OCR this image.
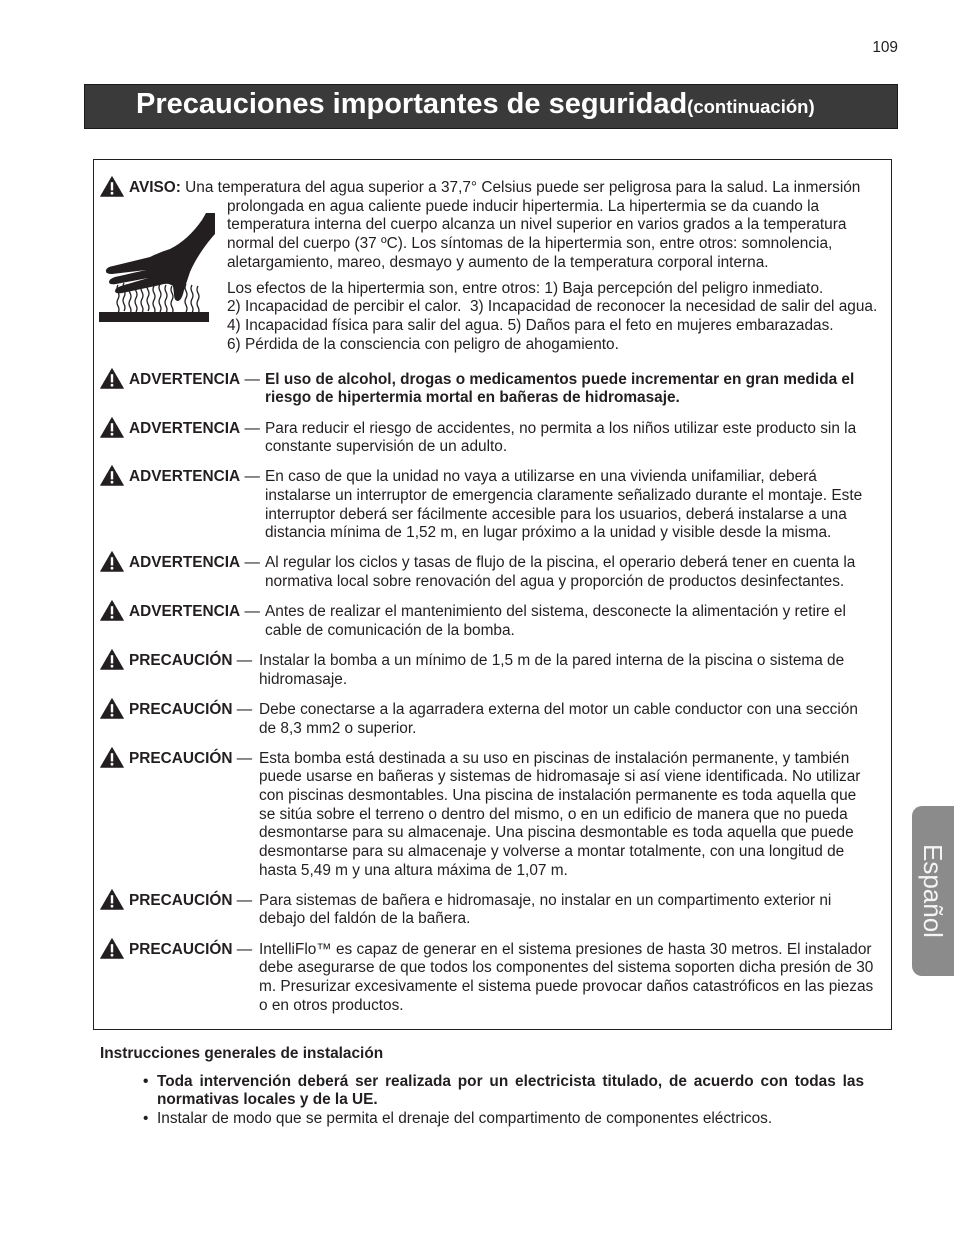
109
Precauciones importantes de seguridad(continuación)
AVISO: Una temperatura del agua superior a 37,7° Celsius puede ser peligrosa para la salud. La inmersión
prolongada en agua caliente puede inducir hipertermia. La hipertermia se da cuando la
temperatura interna del cuerpo alcanza un nivel superior en varios grados a la temperatura
normal del cuerpo (37 ºC). Los síntomas de la hipertermia son, entre otros: somnolencia,
aletargamiento, mareo, desmayo y aumento de la temperatura corporal interna.
Los efectos de la hipertermia son, entre otros: 1) Baja percepción del peligro inmediato.
2) Incapacidad de percibir el calor.  3) Incapacidad de reconocer la necesidad de salir del agua.
4) Incapacidad física para salir del agua. 5) Daños para el feto en mujeres embarazadas.
6) Pérdida de la consciencia con peligro de ahogamiento.
ADVERTENCIA — El uso de alcohol, drogas o medicamentos puede incrementar en gran medida el
riesgo de hipertermia mortal en bañeras de hidromasaje.
ADVERTENCIA — Para reducir el riesgo de accidentes, no permita a los niños utilizar este producto sin la
constante supervisión de un adulto.
ADVERTENCIA — En caso de que la unidad no vaya a utilizarse en una vivienda unifamiliar, deberá
instalarse un interruptor de emergencia claramente señalizado durante el montaje. Este
interruptor deberá ser fácilmente accesible para los usuarios, deberá instalarse a una
distancia mínima de 1,52 m, en lugar próximo a la unidad y visible desde la misma.
ADVERTENCIA — Al regular los ciclos y tasas de flujo de la piscina, el operario deberá tener en cuenta la
normativa local sobre renovación del agua y proporción de productos desinfectantes.
ADVERTENCIA — Antes de realizar el mantenimiento del sistema, desconecte la alimentación y retire el
cable de comunicación de la bomba.
PRECAUCIÓN — Instalar la bomba a un mínimo de 1,5 m de la pared interna de la piscina o sistema de
hidromasaje.
PRECAUCIÓN — Debe conectarse a la agarradera externa del motor un cable conductor con una sección
de 8,3 mm2 o superior.
PRECAUCIÓN — Esta bomba está destinada a su uso en piscinas de instalación permanente, y también
puede usarse en bañeras y sistemas de hidromasaje si así viene identificada. No utilizar
con piscinas desmontables. Una piscina de instalación permanente es toda aquella que
se sitúa sobre el terreno o dentro del mismo, o en un edificio de manera que no pueda
desmontarse para su almacenaje. Una piscina desmontable es toda aquella que puede
desmontarse para su almacenaje y volverse a montar totalmente, con una longitud de
hasta 5,49 m y una altura máxima de 1,07 m.
PRECAUCIÓN — Para sistemas de bañera e hidromasaje, no instalar en un compartimento exterior ni
debajo del faldón de la bañera.
PRECAUCIÓN — IntelliFlo™ es capaz de generar en el sistema presiones de hasta 30 metros. El instalador
debe asegurarse de que todos los componentes del sistema soporten dicha presión de 30
m. Presurizar excesivamente el sistema puede provocar daños catastróficos en las piezas
o en otros productos.
Instrucciones generales de instalación
• Toda intervención deberá ser realizada por un electricista titulado, de acuerdo con todas las
normativas locales y de la UE.
• Instalar de modo que se permita el drenaje del compartimento de componentes eléctricos.
Español
